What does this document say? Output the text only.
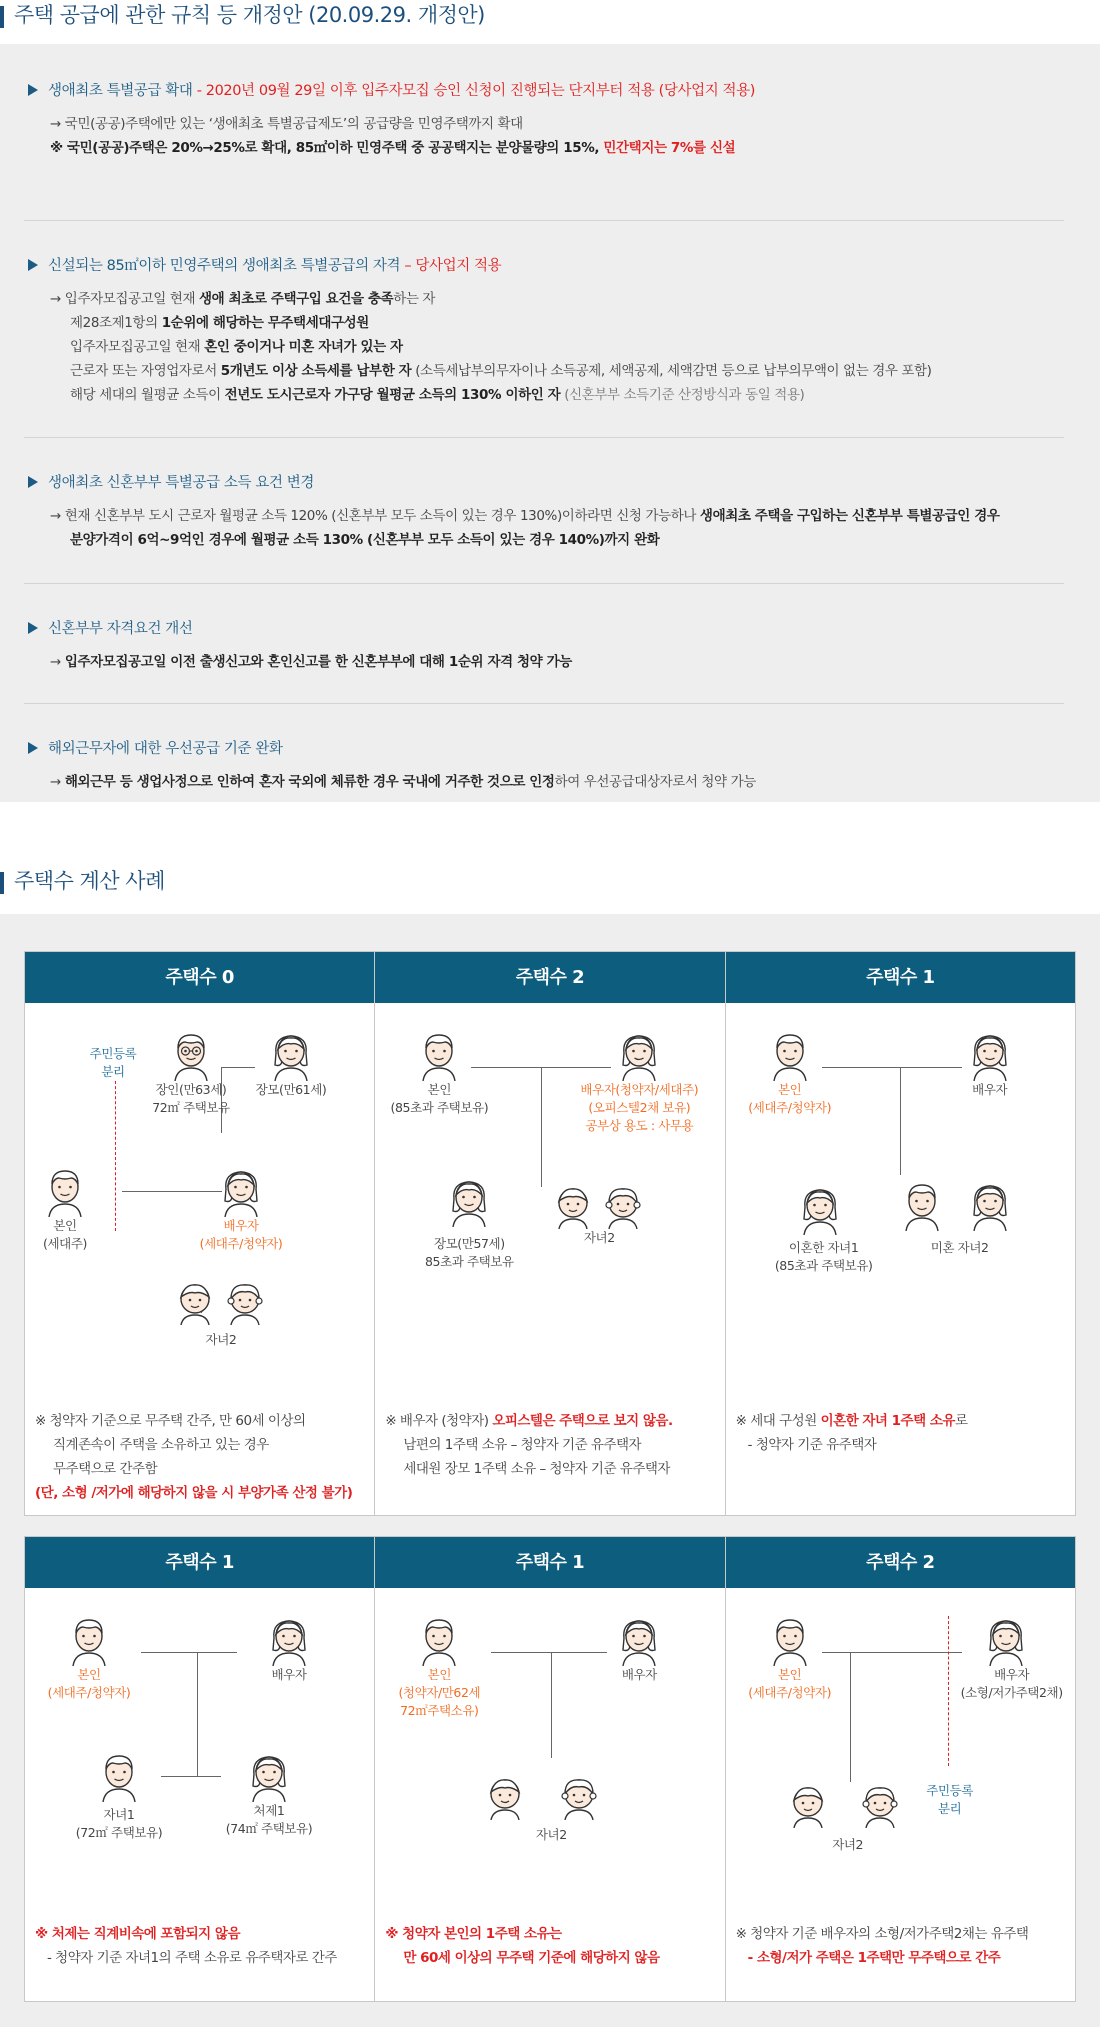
주택 공급에 관한 규칙 등 개정안 (20.09.29. 개정안)
생애최초 특별공급 확대 - 2020년 09월 29일 이후 입주자모집 승인 신청이 진행되는 단지부터 적용 (당사업지 적용)
→ 국민(공공)주택에만 있는 ‘생애최초 특별공급제도’의 공급량을 민영주택까지 확대
※ 국민(공공)주택은 20%→25%로 확대, 85㎡이하 민영주택 중 공공택지는 분양물량의 15%, 민간택지는 7%를 신설
신설되는 85㎡이하 민영주택의 생애최초 특별공급의 자격 – 당사업지 적용
→ 입주자모집공고일 현재 생애 최초로 주택구입 요건을 충족하는 자
제28조제1항의 1순위에 해당하는 무주택세대구성원
입주자모집공고일 현재 혼인 중이거나 미혼 자녀가 있는 자
근로자 또는 자영업자로서 5개년도 이상 소득세를 납부한 자 (소득세납부의무자이나 소득공제, 세액공제, 세액감면 등으로 납부의무액이 없는 경우 포함)
해당 세대의 월평균 소득이 전년도 도시근로자 가구당 월평균 소득의 130% 이하인 자 (신혼부부 소득기준 산정방식과 동일 적용)
생애최초 신혼부부 특별공급 소득 요건 변경
→ 현재 신혼부부 도시 근로자 월평균 소득 120% (신혼부부 모두 소득이 있는 경우 130%)이하라면 신청 가능하나 생애최초 주택을 구입하는 신혼부부 특별공급인 경우
분양가격이 6억~9억인 경우에 월평균 소득 130% (신혼부부 모두 소득이 있는 경우 140%)까지 완화
신혼부부 자격요건 개선
→ 입주자모집공고일 이전 출생신고와 혼인신고를 한 신혼부부에 대해 1순위 자격 청약 가능
해외근무자에 대한 우선공급 기준 완화
→ 해외근무 등 생업사정으로 인하여 혼자 국외에 체류한 경우 국내에 거주한 것으로 인정하여 우선공급대상자로서 청약 가능
주택수 계산 사례
주택수 0
주민등록
분리
장인(만63세)
72㎡ 주택보유
장모(만61세)
본인
(세대주)
배우자
(세대주/청약자)
자녀2
※ 청약자 기준으로 무주택 간주, 만 60세 이상의
직계존속이 주택을 소유하고 있는 경우
무주택으로 간주함
(단, 소형 /저가에 해당하지 않을 시 부양가족 산정 불가)
주택수 2
본인
(85초과 주택보유)
배우자(청약자/세대주)
(오피스텔2채 보유)
공부상 용도 : 사무용
장모(만57세)
85초과 주택보유
자녀2
※ 배우자 (청약자) 오피스텔은 주택으로 보지 않음.
남편의 1주택 소유 – 청약자 기준 유주택자
세대원 장모 1주택 소유 – 청약자 기준 유주택자
주택수 1
본인
(세대주/청약자)
배우자
이혼한 자녀1
(85초과 주택보유)
미혼 자녀2
※ 세대 구성원 이혼한 자녀 1주택 소유로
- 청약자 기준 유주택자
주택수 1
본인
(세대주/청약자)
배우자
자녀1
(72㎡ 주택보유)
처제1
(74㎡ 주택보유)
※ 처제는 직계비속에 포함되지 않음
- 청약자 기준 자녀1의 주택 소유로 유주택자로 간주
주택수 1
본인
(청약자/만62세
72㎡주택소유)
배우자
자녀2
※ 청약자 본인의 1주택 소유는
만 60세 이상의 무주택 기준에 해당하지 않음
주택수 2
본인
(세대주/청약자)
배우자
(소형/저가주택2채)
주민등록
분리
자녀2
※ 청약자 기준 배우자의 소형/저가주택2채는 유주택
- 소형/저가 주택은 1주택만 무주택으로 간주
